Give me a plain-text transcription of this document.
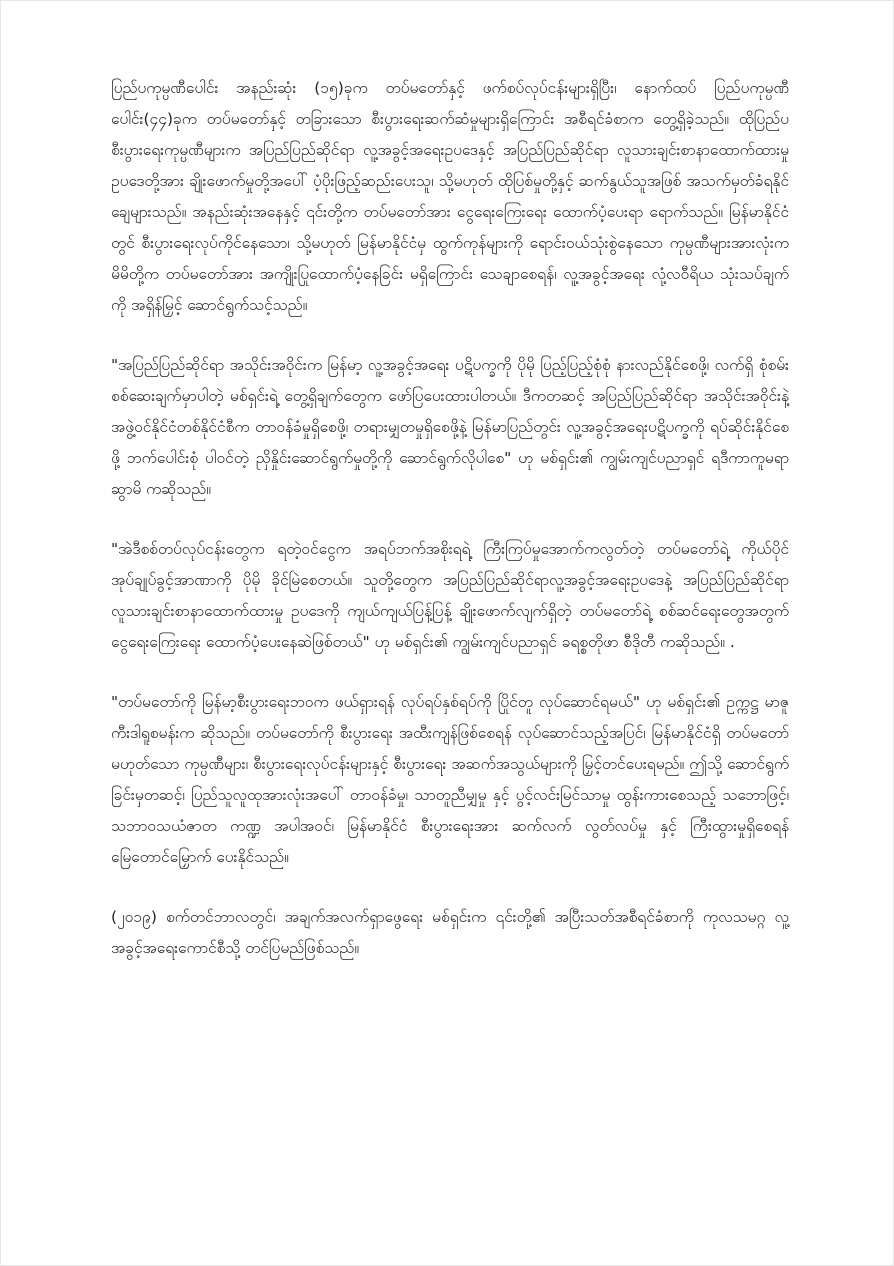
ပြည်ပကုမ္ပဏီပေါင်း အနည်းဆုံး (၁၅)ခုက တပ်မတော်နှင့် ဖက်စပ်လုပ်ငန်းများရှိပြီး၊ နောက်ထပ် ပြည်ပကုမ္ပဏီပေါင်း(၄၄)ခုက တပ်မတော်နှင့် တခြားသော စီးပွားရေးဆက်ဆံမှုများရှိကြောင်း အစီရင်ခံစာက တွေ့ရှိခဲ့သည်။ ထိုပြည်ပစီးပွားရေးကုမ္ပဏီများက အပြည်ပြည်ဆိုင်ရာ လူ့အခွင့်အရေးဥပဒေနှင့် အပြည်ပြည်ဆိုင်ရာ လူသားချင်းစာနာထောက်ထားမှု ဥပဒေတို့အား ချိုးဖောက်မှုတို့အပေါ် ပံ့ပိုးဖြည့်ဆည်းပေးသူ၊ သို့မဟုတ် ထိုပြစ်မှုတို့နှင့် ဆက်နွယ်သူအဖြစ် အသက်မှတ်ခံရနိုင်ချေများသည်။ အနည်းဆုံးအနေနှင့် ၎င်းတို့က တပ်မတော်အား ငွေရေးကြေးရေး ထောက်ပံ့ပေးရာ ရောက်သည်။ မြန်မာနိုင်ငံတွင် စီးပွားရေးလုပ်ကိုင်နေသော၊ သို့မဟုတ် မြန်မာနိုင်ငံမှ ထွက်ကုန်များကို ရောင်းဝယ်သုံးစွဲနေသော ကုမ္ပဏီများအားလုံးက မိမိတို့က တပ်မတော်အား အကျိုးပြုထောက်ပံ့နေခြင်း မရှိကြောင်း သေချာစေရန်၊ လူ့အခွင့်အရေး လုံ့လဝီရိယ သုံးသပ်ချက်ကို အရှိန်မြှင့် ဆောင်ရွက်သင့်သည်။

"အပြည်ပြည်ဆိုင်ရာ အသိုင်းအဝိုင်းက မြန်မာ့ လူ့အခွင့်အရေး ပဋိပက္ခကို ပိုမို ပြည့်ပြည့်စုံစုံ နားလည်နိုင်စေဖို့၊ လက်ရှိ စုံစမ်းစစ်ဆေးချက်မှာပါတဲ့ မစ်ရှင်းရဲ့ တွေ့ရှိချက်တွေက ဖော်ပြပေးထားပါတယ်။ ဒီကတဆင့် အပြည်ပြည်ဆိုင်ရာ အသိုင်းအဝိုင်းနဲ့ အဖွဲ့ဝင်နိုင်ငံတစ်နိုင်ငံစီက တာဝန်ခံမှုရှိစေဖို့၊ တရားမျှတမှုရှိစေဖို့နဲ့ မြန်မာပြည်တွင်း လူ့အခွင့်အရေးပဋိပက္ခကို ရပ်ဆိုင်းနိုင်စေဖို့ ဘက်ပေါင်းစုံ ပါဝင်တဲ့ ညှိနှိုင်းဆောင်ရွက်မှုတို့ကို ဆောင်ရွက်လိုပါစေ" ဟု မစ်ရှင်း၏ ကျွမ်းကျင်ပညာရှင် ရဒီကာကူမရာဆွာမိ ကဆိုသည်။

"အဲဒီစစ်တပ်လုပ်ငန်းတွေက ရတဲ့ဝင်ငွေက အရပ်ဘက်အစိုးရရဲ့ ကြီးကြပ်မှုအောက်ကလွတ်တဲ့ တပ်မတော်ရဲ့ ကိုယ်ပိုင်အုပ်ချုပ်ခွင့်အာဏာကို ပိုမို ခိုင်မြဲစေတယ်။ သူတို့တွေက အပြည်ပြည်ဆိုင်ရာလူ့အခွင့်အရေးဥပဒေနဲ့ အပြည်ပြည်ဆိုင်ရာ လူသားချင်းစာနာထောက်ထားမှု ဥပဒေကို ကျယ်ကျယ်ပြန့်ပြန့် ချိုးဖောက်လျက်ရှိတဲ့ တပ်မတော်ရဲ့ စစ်ဆင်ရေးတွေအတွက် ငွေရေးကြေးရေး ထောက်ပံ့ပေးနေဆဲဖြစ်တယ်" ဟု မစ်ရှင်း၏ ကျွမ်းကျင်ပညာရှင် ခရစ္စတိုဖာ စီဒိုတီ ကဆိုသည်။ .

"တပ်မတော်ကို မြန်မာ့စီးပွားရေးဘဝက ဖယ်ရှားရန် လုပ်ရပ်နှစ်ရပ်ကို ပြိုင်တူ လုပ်ဆောင်ရမယ်" ဟု မစ်ရှင်း၏ ဥက္ကဋ္ဌ မာဇူကီးဒါရူစမန်းက ဆိုသည်။ တပ်မတော်ကို စီးပွားရေး အထီးကျန်ဖြစ်စေရန် လုပ်ဆောင်သည့်အပြင်၊ မြန်မာနိုင်ငံရှိ တပ်မတော်မဟုတ်သော ကုမ္ပဏီများ၊ စီးပွားရေးလုပ်ငန်းများနှင့် စီးပွားရေး အဆက်အသွယ်များကို မြှင့်တင်ပေးရမည်။ ဤသို့ ဆောင်ရွက်ခြင်းမှတဆင့်၊ ပြည်သူလူထုအားလုံးအပေါ် တာဝန်ခံမှု၊ သာတူညီမျှမှု နှင့် ပွင့်လင်းမြင်သာမှု ထွန်းကားစေသည့် သဘောဖြင့်၊ သဘာဝသယံဇာတ ကဏ္ဍ အပါအဝင်၊ မြန်မာနိုင်ငံ စီးပွားရေးအား ဆက်လက် လွတ်လပ်မှု နှင့် ကြီးထွားမှုရှိစေရန် မြေတောင်မြှောက် ပေးနိုင်သည်။

(၂၀၁၉) စက်တင်ဘာလတွင်၊ အချက်အလက်ရှာဖွေရေး မစ်ရှင်းက ၎င်းတို့၏ အပြီးသတ်အစီရင်ခံစာကို ကုလသမဂ္ဂ လူ့အခွင့်အရေးကောင်စီသို့ တင်ပြမည်ဖြစ်သည်။
